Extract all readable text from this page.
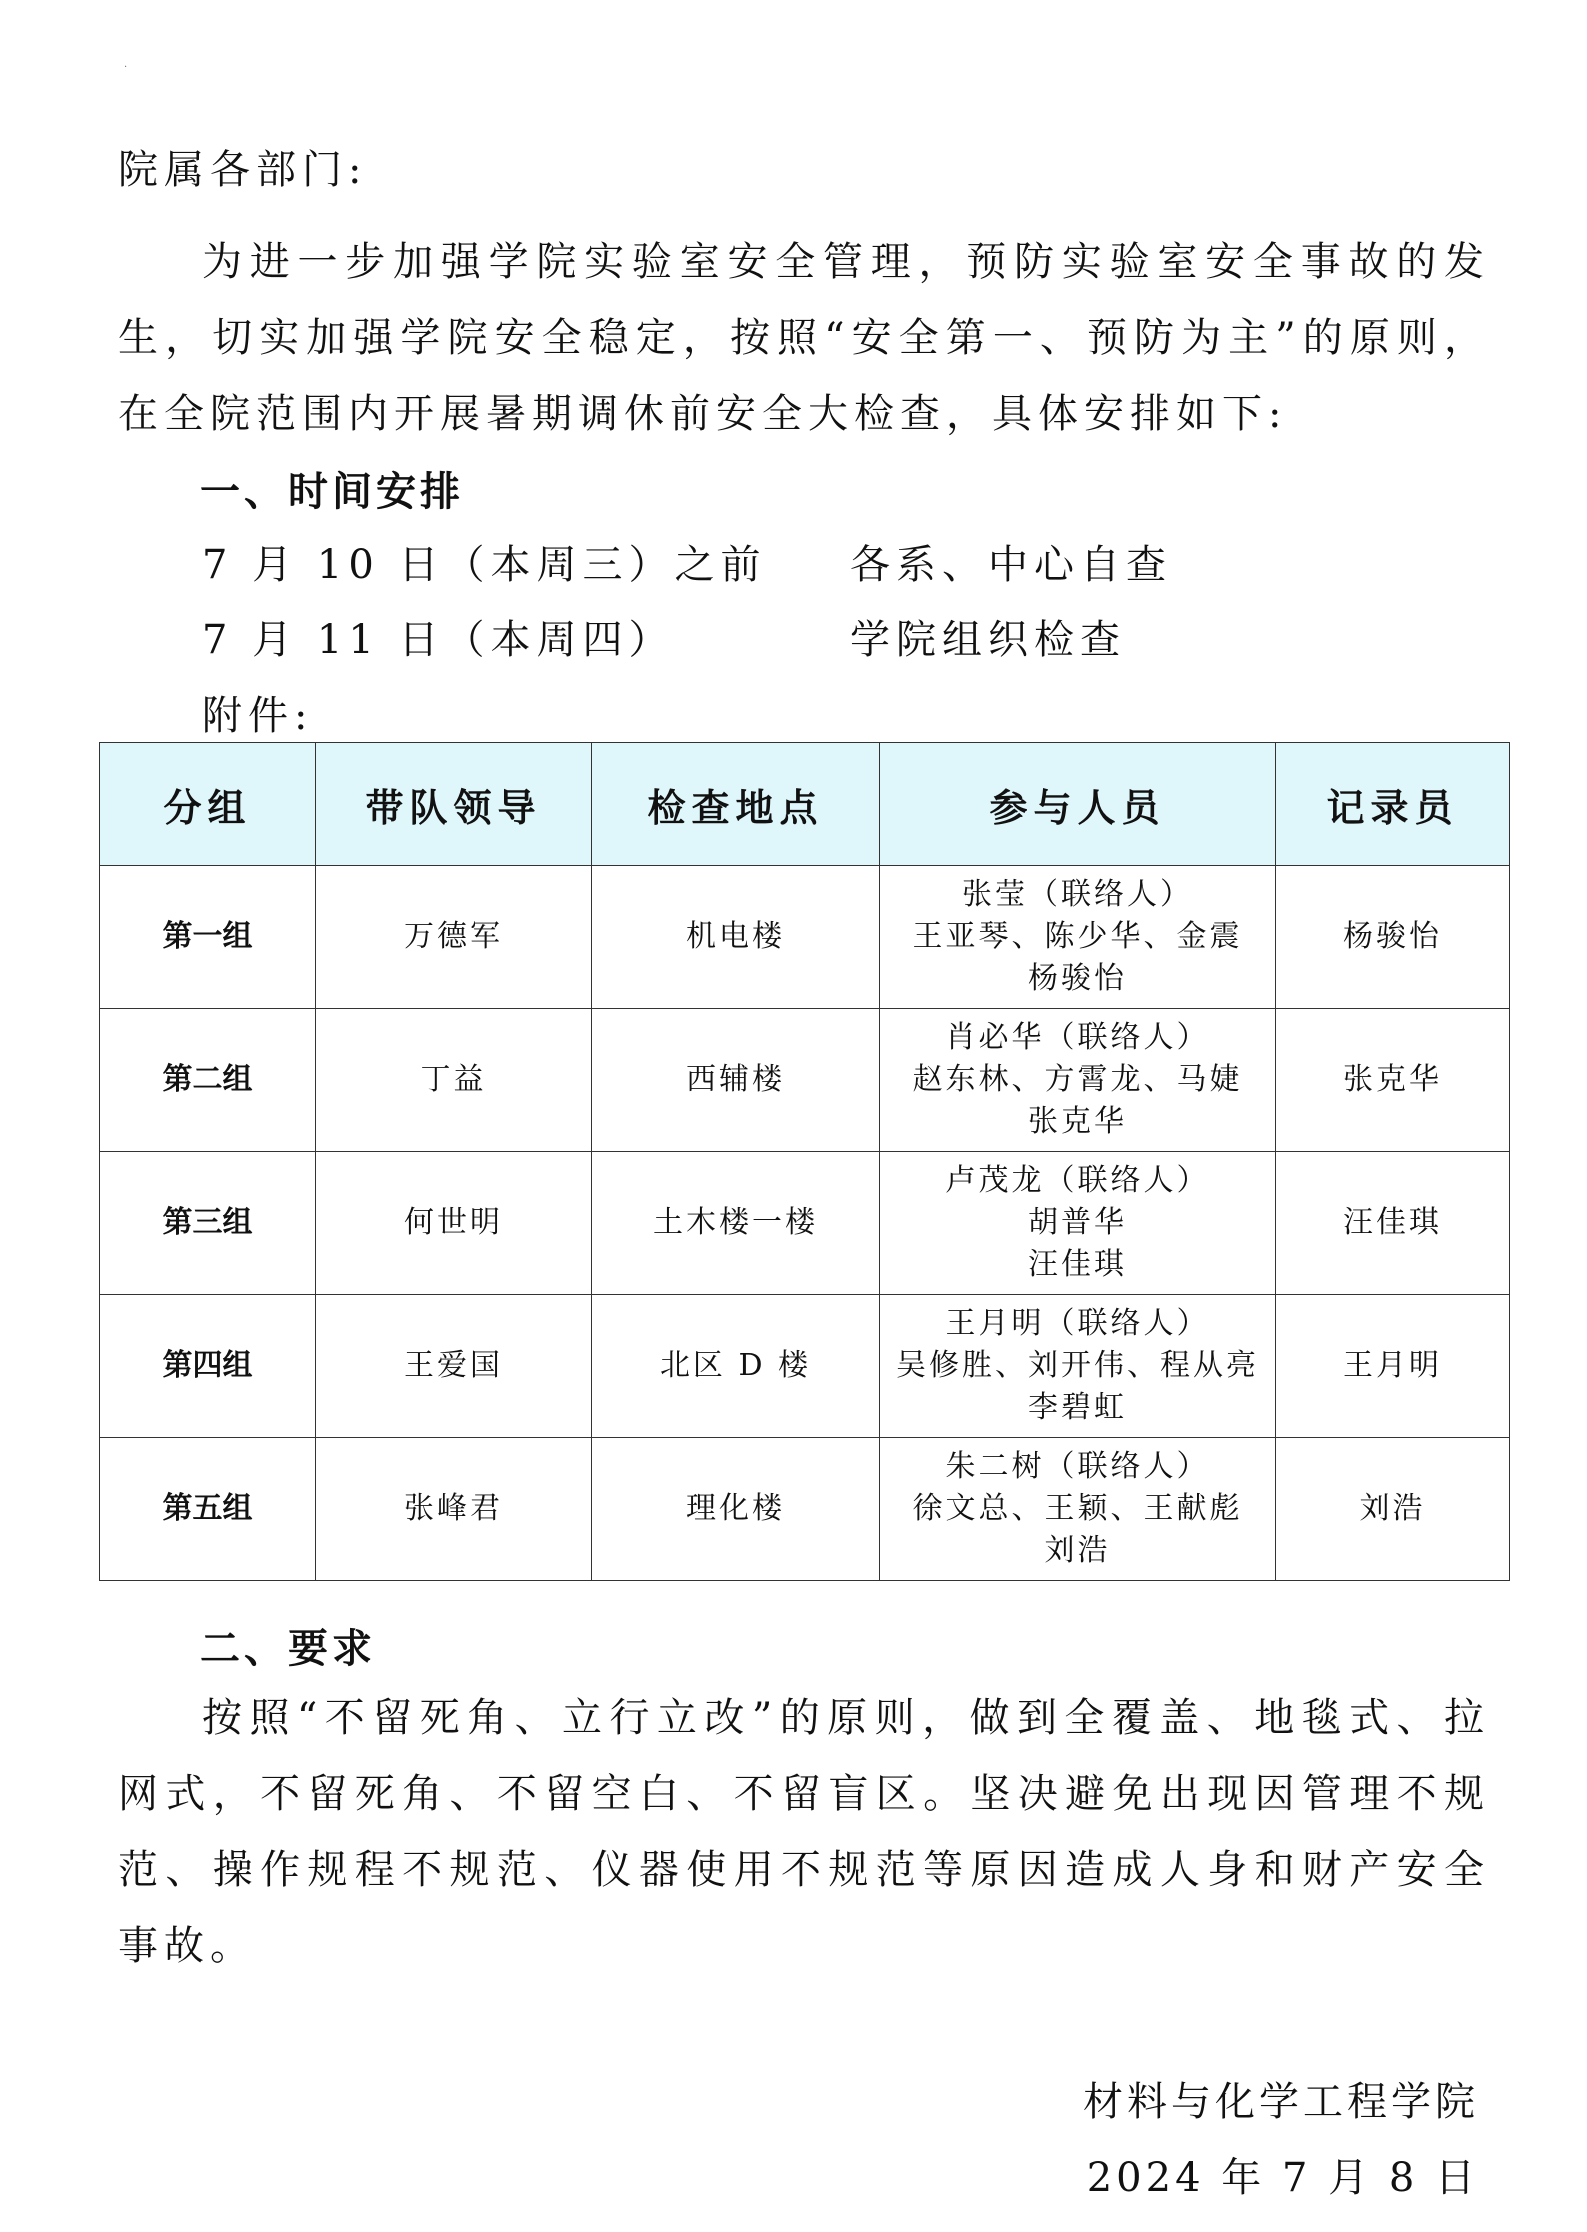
·
院属各部门:
为进一步加强学院实验室安全管理，预防实验室安全事故的发生，切实加强学院安全稳定，按照“安全第一、预防为主”的原则，在全院范围内开展暑期调休前安全大检查，具体安排如下:
一、时间安排
7 月 10 日（本周三）之前 各系、中心自查
7 月 11 日（本周四）	学院组织检查
附件:
分组	带队领导	检查地点	参与人员	记录员
第一组	万德军	机电楼	张莹（联络人）
王亚琴、陈少华、金震
杨骏怡	杨骏怡
第二组	丁益	西辅楼	肖必华（联络人）
赵东林、方霄龙、马婕
张克华	张克华
第三组	何世明	土木楼一楼	卢茂龙（联络人）
胡普华
汪佳琪	汪佳琪
第四组	王爱国	北区 D 楼	王月明（联络人）
吴修胜、刘开伟、程从亮
李碧虹	王月明
第五组	张峰君	理化楼	朱二树（联络人）
徐文总、王颖、王献彪
刘浩	刘浩
二、要求
按照“不留死角、立行立改”的原则，做到全覆盖、地毯式、拉网式，不留死角、不留空白、不留盲区。坚决避免出现因管理不规范、操作规程不规范、仪器使用不规范等原因造成人身和财产安全事故。
材料与化学工程学院
2024 年 7 月 8 日
